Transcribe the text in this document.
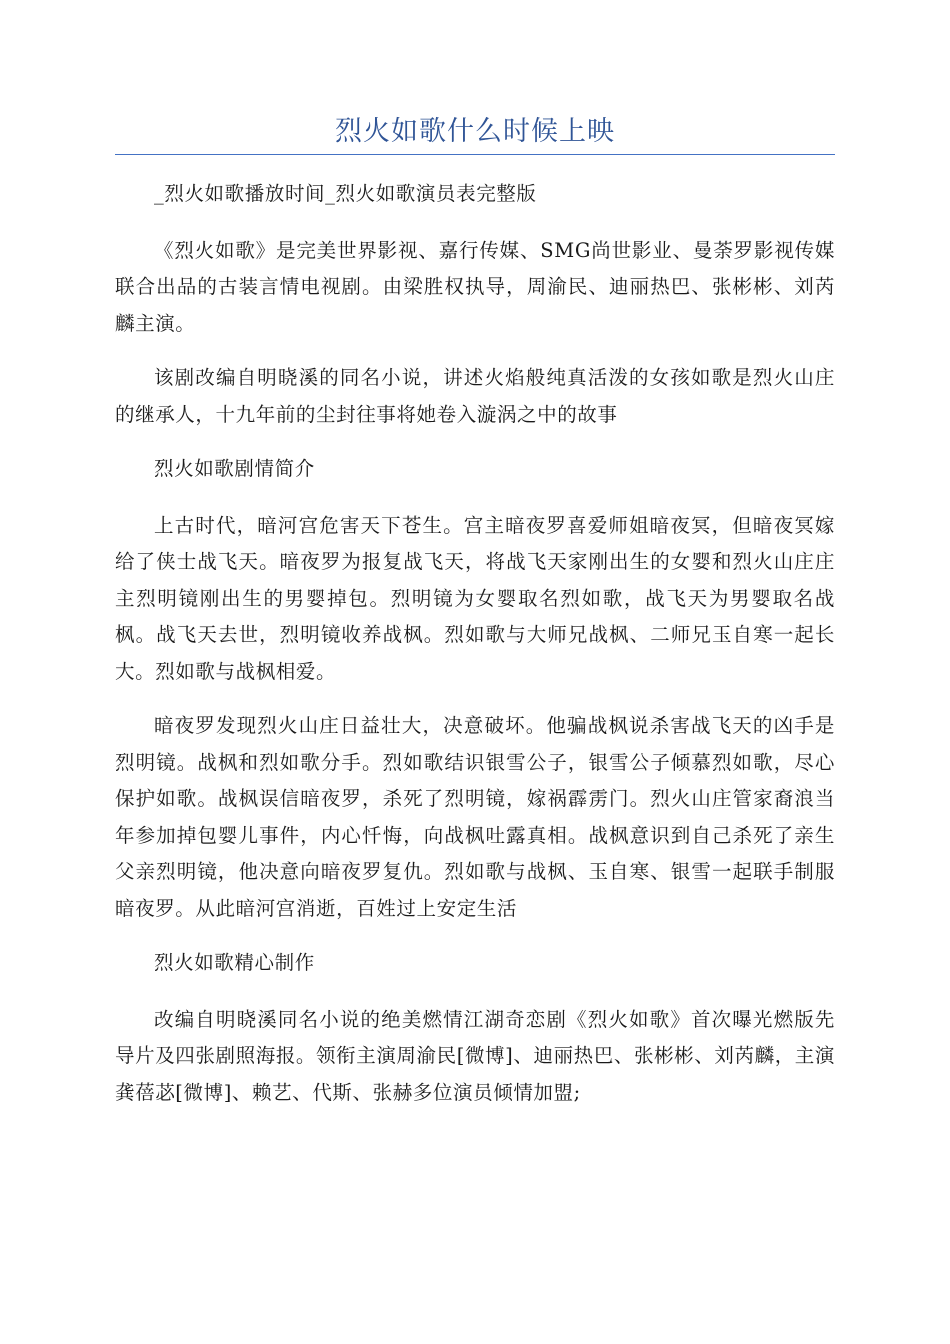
烈火如歌什么时候上映

_烈火如歌播放时间_烈火如歌演员表完整版

《烈火如歌》是完美世界影视、嘉行传媒、SMG尚世影业、曼荼罗影视传媒联合出品的古装言情电视剧。由梁胜权执导，周渝民、迪丽热巴、张彬彬、刘芮麟主演。

该剧改编自明晓溪的同名小说，讲述火焰般纯真活泼的女孩如歌是烈火山庄的继承人，十九年前的尘封往事将她卷入漩涡之中的故事

烈火如歌剧情简介

上古时代，暗河宫危害天下苍生。宫主暗夜罗喜爱师姐暗夜冥，但暗夜冥嫁给了侠士战飞天。暗夜罗为报复战飞天，将战飞天家刚出生的女婴和烈火山庄庄主烈明镜刚出生的男婴掉包。烈明镜为女婴取名烈如歌，战飞天为男婴取名战枫。战飞天去世，烈明镜收养战枫。烈如歌与大师兄战枫、二师兄玉自寒一起长大。烈如歌与战枫相爱。

暗夜罗发现烈火山庄日益壮大，决意破坏。他骗战枫说杀害战飞天的凶手是烈明镜。战枫和烈如歌分手。烈如歌结识银雪公子，银雪公子倾慕烈如歌，尽心保护如歌。战枫误信暗夜罗，杀死了烈明镜，嫁祸霹雳门。烈火山庄管家裔浪当年参加掉包婴儿事件，内心忏悔，向战枫吐露真相。战枫意识到自己杀死了亲生父亲烈明镜，他决意向暗夜罗复仇。烈如歌与战枫、玉自寒、银雪一起联手制服暗夜罗。从此暗河宫消逝，百姓过上安定生活

烈火如歌精心制作

改编自明晓溪同名小说的绝美燃情江湖奇恋剧《烈火如歌》首次曝光燃版先导片及四张剧照海报。领衔主演周渝民[微博]、迪丽热巴、张彬彬、刘芮麟，主演龚蓓苾[微博]、赖艺、代斯、张赫多位演员倾情加盟;
